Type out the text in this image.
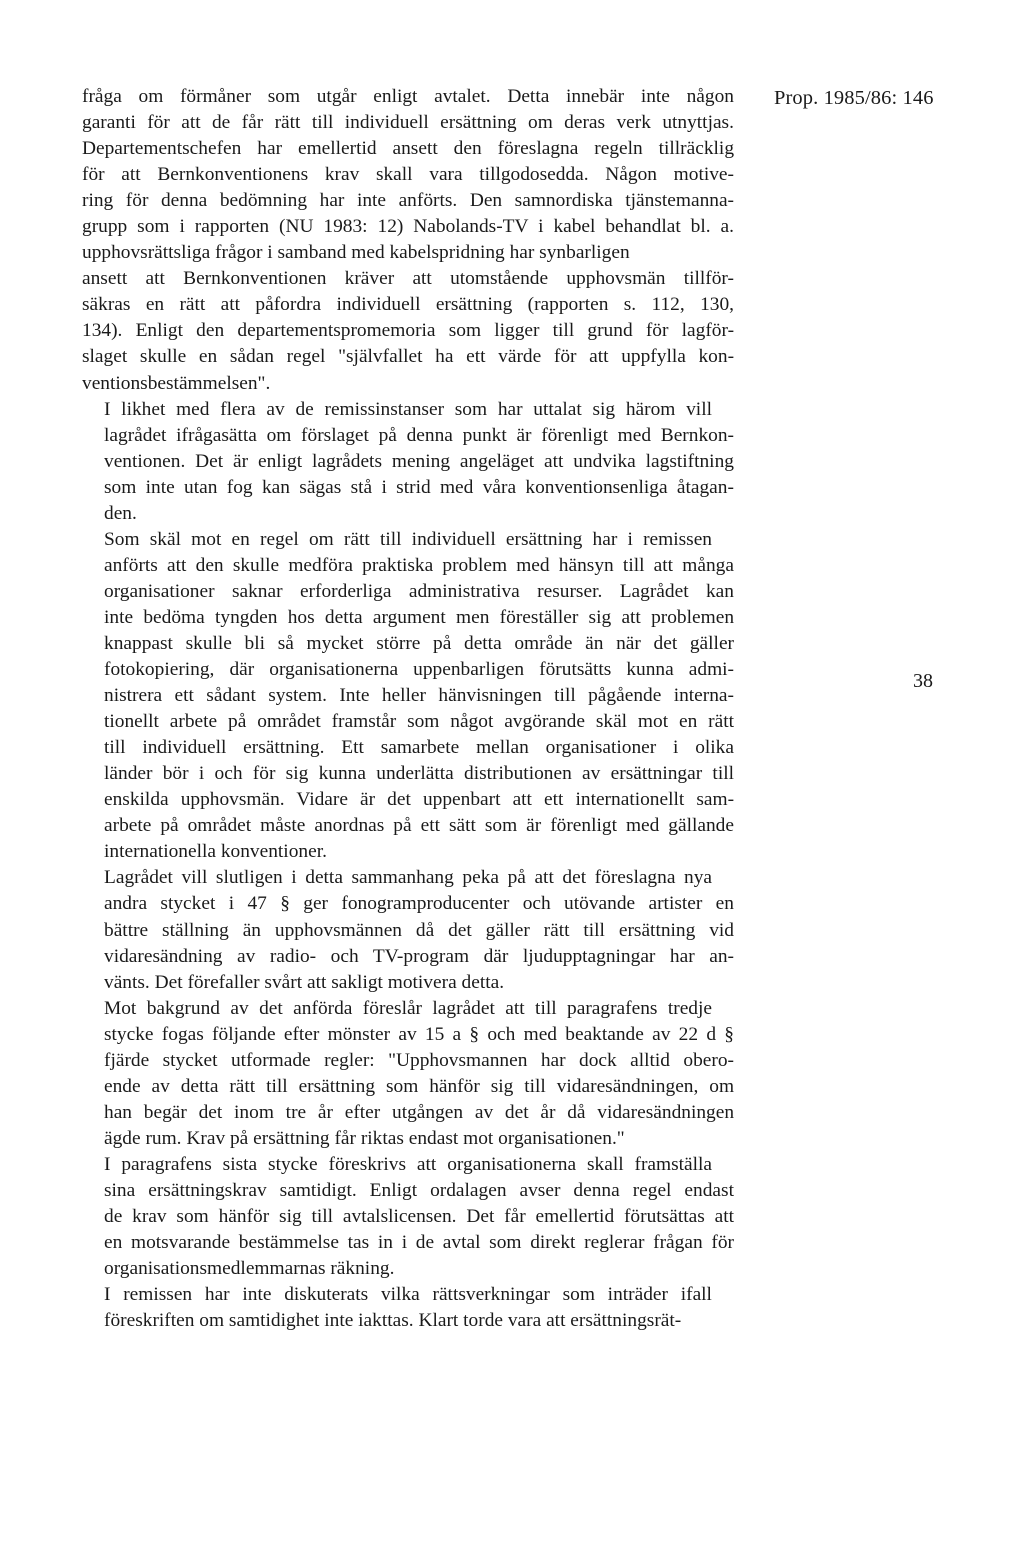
Prop. 1985/86: 146

fråga om förmåner som utgår enligt avtalet. Detta innebär inte någon
garanti för att de får rätt till individuell ersättning om deras verk utnyttjas.
Departementschefen har emellertid ansett den föreslagna regeln tillräcklig
för att Bernkonventionens krav skall vara tillgodosedda. Någon motive-
ring för denna bedömning har inte anförts. Den samnordiska tjänstemanna-
grupp som i rapporten (NU 1983: 12) Nabolands-TV i kabel behandlat bl. a.
upphovsrättsliga frågor i samband med kabelspridning har synbarligen
ansett att Bernkonventionen kräver att utomstående upphovsmän tillför-
säkras en rätt att påfordra individuell ersättning (rapporten s. 112, 130,
134). Enligt den departementspromemoria som ligger till grund för lagför-
slaget skulle en sådan regel "självfallet ha ett värde för att uppfylla kon-
ventionsbestämmelsen".

I likhet med flera av de remissinstanser som har uttalat sig härom vill
lagrådet ifrågasätta om förslaget på denna punkt är förenligt med Bernkon-
ventionen. Det är enligt lagrådets mening angeläget att undvika lagstiftning
som inte utan fog kan sägas stå i strid med våra konventionsenliga åtagan-
den.

Som skäl mot en regel om rätt till individuell ersättning har i remissen
anförts att den skulle medföra praktiska problem med hänsyn till att många
organisationer saknar erforderliga administrativa resurser. Lagrådet kan
inte bedöma tyngden hos detta argument men föreställer sig att problemen
knappast skulle bli så mycket större på detta område än när det gäller
fotokopiering, där organisationerna uppenbarligen förutsätts kunna admi-
nistrera ett sådant system. Inte heller hänvisningen till pågående interna-
tionellt arbete på området framstår som något avgörande skäl mot en rätt
till individuell ersättning. Ett samarbete mellan organisationer i olika
länder bör i och för sig kunna underlätta distributionen av ersättningar till
enskilda upphovsmän. Vidare är det uppenbart att ett internationellt sam-
arbete på området måste anordnas på ett sätt som är förenligt med gällande
internationella konventioner.

Lagrådet vill slutligen i detta sammanhang peka på att det föreslagna nya
andra stycket i 47 § ger fonogramproducenter och utövande artister en
bättre ställning än upphovsmännen då det gäller rätt till ersättning vid
vidaresändning av radio- och TV-program där ljudupptagningar har an-
vänts. Det förefaller svårt att sakligt motivera detta.

Mot bakgrund av det anförda föreslår lagrådet att till paragrafens tredje
stycke fogas följande efter mönster av 15 a § och med beaktande av 22 d §
fjärde stycket utformade regler: "Upphovsmannen har dock alltid obero-
ende av detta rätt till ersättning som hänför sig till vidaresändningen, om
han begär det inom tre år efter utgången av det år då vidaresändningen
ägde rum. Krav på ersättning får riktas endast mot organisationen."

I paragrafens sista stycke föreskrivs att organisationerna skall framställa
sina ersättningskrav samtidigt. Enligt ordalagen avser denna regel endast
de krav som hänför sig till avtalslicensen. Det får emellertid förutsättas att
en motsvarande bestämmelse tas in i de avtal som direkt reglerar frågan för
organisationsmedlemmarnas räkning.

I remissen har inte diskuterats vilka rättsverkningar som inträder ifall
föreskriften om samtidighet inte iakttas. Klart torde vara att ersättningsrät-

38
